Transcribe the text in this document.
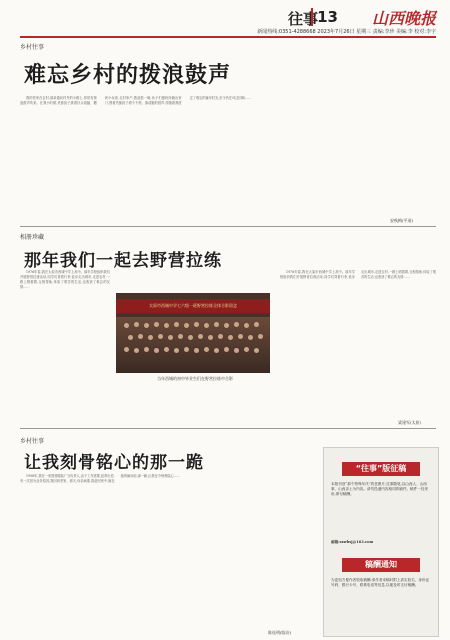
往事 13 山西晚报
新闻热线:0351-4288668 2023年7月26日 星期三 责编:李珍 美编:李 校对:李宇
乡村往事
难忘乡村的拨浪鼓声

我的老家在农村,那条通向村外的小路上,常常有拨浪鼓声传来。在我小时候,货郎担子挑着针头线脑、糖块小玩意,走村串户,拨浪鼓一响,孩子们便纷纷跑出家门,围着货郎担子看个不停。那清脆的鼓声,伴随着我度过了难忘的童年时光,至今仍在耳边回响……

安秋梅(平遥)
相册珍藏
那年我们一起去野营拉练

1976年春,我在太原市西城中学上高中。那年学校组织我们开展野营拉练活动,同学们背着行李,徒步走出城市,走进农村,一路上唱着歌,互相帮助,体验了艰苦的生活,也收获了难忘的友情……

太原市西城中学七六级一班野营拉练全体合影留念
当年西城的初中毕业生们在野营拉练中合影

1976年春,我在太原市西城中学上高中。那年学校组织我们开展野营拉练活动,同学们背着行李,徒步走出城市,走进农村,一路上唱着歌,互相帮助,体验了艰苦的生活,也收获了难忘的友情……

梁建军(太原)
乡村往事
让我刻骨铭心的那一跪

1998年,我在一家国营服装厂当负责人,由于工作需要,经常出差,有一次因为业务原因,我回到老家。那天,母亲病重,我赶回家中,跪在她的病床前,那一跪,让我至今刻骨铭心……

陈连明(临汾)
“往事”版征稿
本版刊登“那个特殊年代”的老照片;往事随笔,以山西人、山西事、山西亲土为内容。请勿投递内容相同的稿件。稿件一经采用,即付稿酬。
邮箱:sxwbsj@163.com
稿酬通知
为更加方便作者领取稿酬,请作者来稿时附上真实姓名、身份证号码、银行卡号、联系电话等信息,以便及时支付稿酬。
